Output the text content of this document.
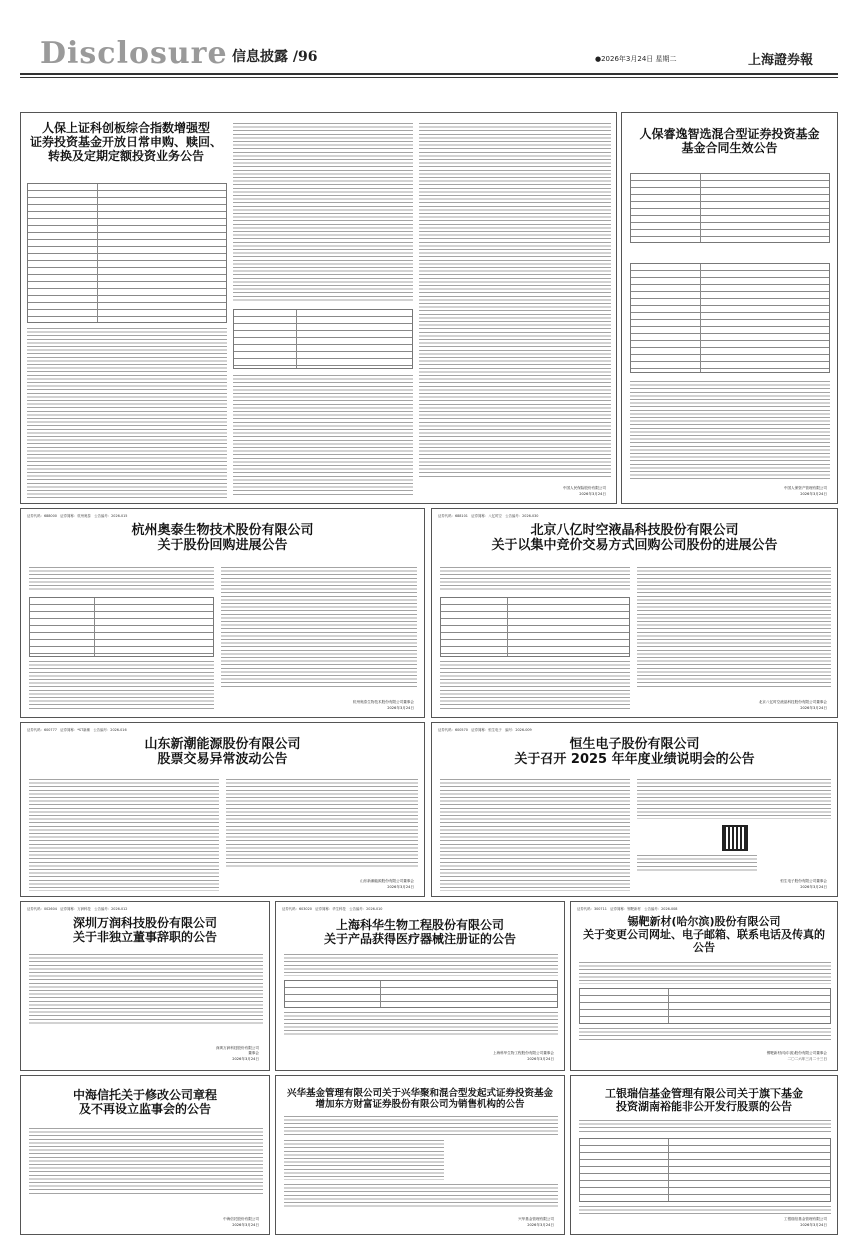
Disclosure 信息披露 /96	●2026年3月24日 星期二	上海證券報
人保上证科创板综合指数增强型
证券投资基金开放日常申购、赎回、
转换及定期定额投资业务公告
中国人民保险股份有限公司
2026年3月24日
人保睿逸智选混合型证券投资基金
基金合同生效公告
中国人保资产管理有限公司
2026年3月24日
证券代码：688000　证券简称：杭州奥泰　公告编号：2026-015
杭州奥泰生物技术股份有限公司
关于股份回购进展公告
杭州奥泰生物技术股份有限公司董事会
2026年3月24日
证券代码：688101　证券简称：八亿时空　公告编号：2026-030
北京八亿时空液晶科技股份有限公司
关于以集中竞价交易方式回购公司股份的进展公告
北京八亿时空液晶科技股份有限公司董事会
2026年3月24日
证券代码：600777　证券简称：*ST新潮　公告编号：2026-016
山东新潮能源股份有限公司
股票交易异常波动公告
山东新潮能源股份有限公司董事会
2026年3月24日
证券代码：600570　证券简称：恒生电子　编号：2026-009
恒生电子股份有限公司
关于召开 2025 年年度业绩说明会的公告
恒生电子股份有限公司董事会
2026年3月24日
证券代码：002604　证券简称：万润科技　公告编号：2026-012
深圳万润科技股份有限公司
关于非独立董事辞职的公告
深圳万润科技股份有限公司
董事会
2026年3月24日
证券代码：603020　证券简称：华生科技　公告编号：2026-010
上海科华生物工程股份有限公司
关于产品获得医疗器械注册证的公告
上海科华生物工程股份有限公司董事会
2026年3月24日
证券代码：300711　证券简称：锡靶新材　公告编号：2026-008
锡靶新材(哈尔滨)股份有限公司
关于变更公司网址、电子邮箱、联系电话及传真的
公告
锡靶新材(哈尔滨)股份有限公司董事会
二〇二六年三月二十三日
中海信托关于修改公司章程
及不再设立监事会的公告
中海信托股份有限公司
2026年3月24日
兴华基金管理有限公司关于兴华聚和混合型发起式证券投资基金
增加东方财富证券股份有限公司为销售机构的公告
兴华基金管理有限公司
2026年3月24日
工银瑞信基金管理有限公司关于旗下基金
投资湖南裕能非公开发行股票的公告
工银瑞信基金管理有限公司
2026年3月24日
